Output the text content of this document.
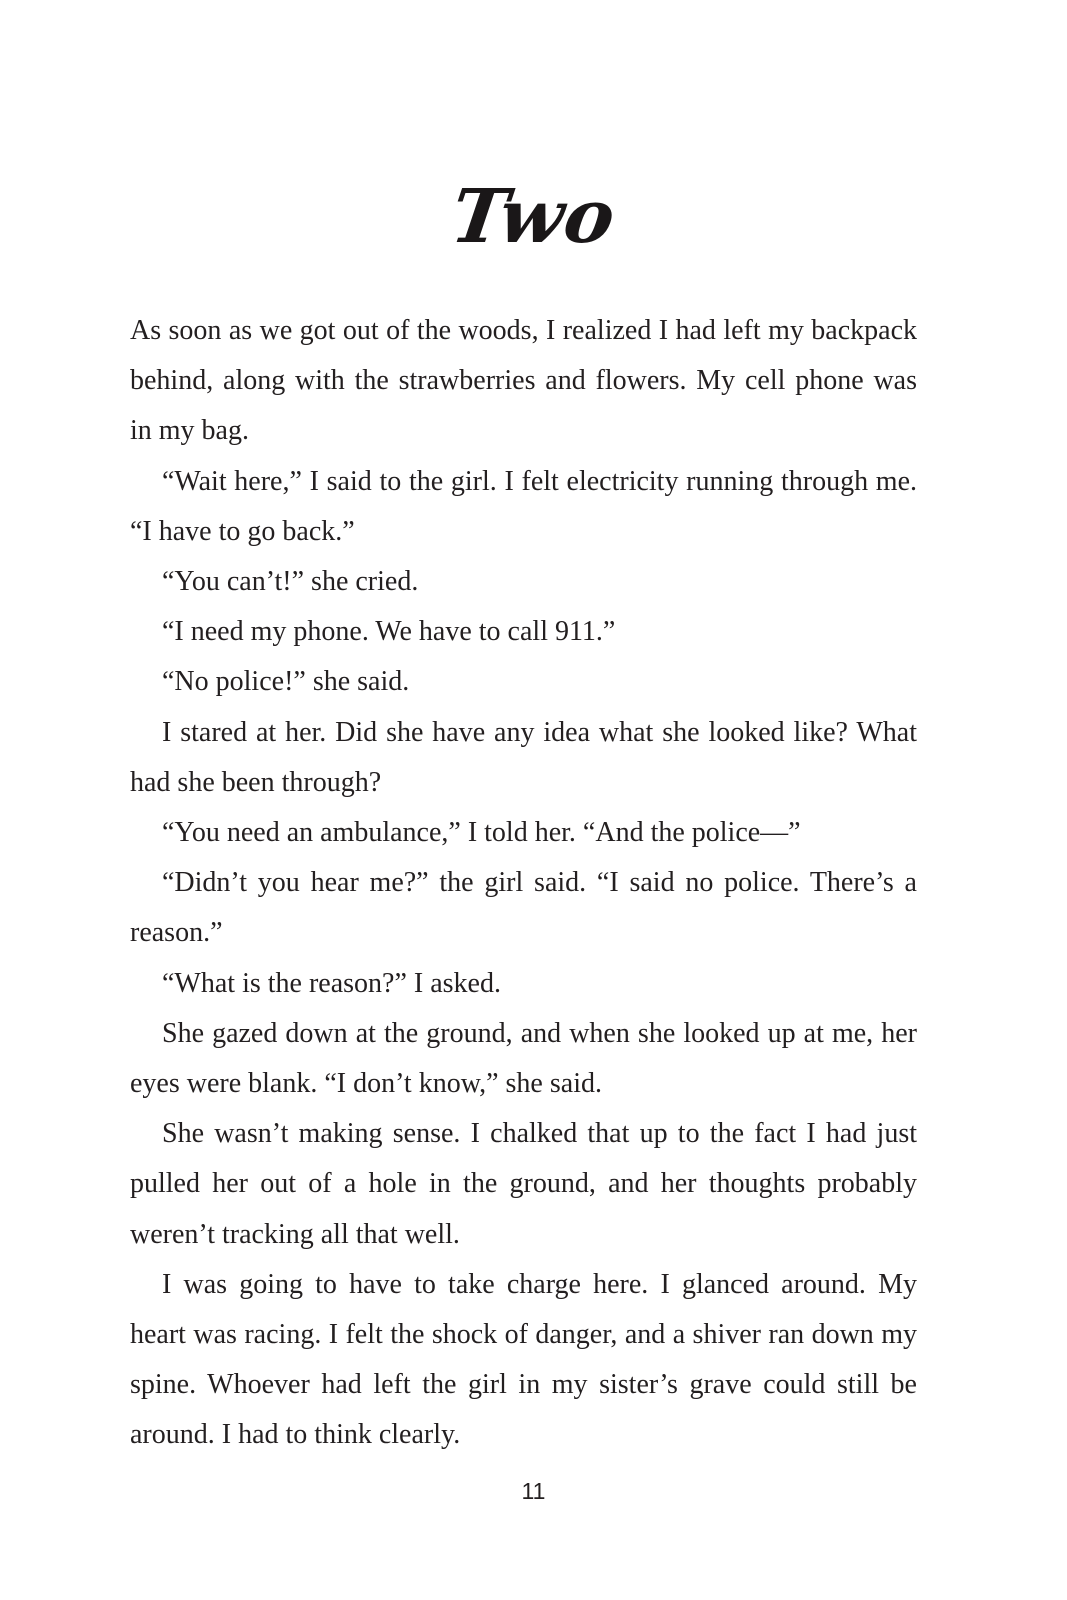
Two

As soon as we got out of the woods, I realized I had left my backpack behind, along with the strawberries and flowers. My cell phone was in my bag.

“Wait here,” I said to the girl. I felt electricity running through me. “I have to go back.”

“You can’t!” she cried.

“I need my phone. We have to call 911.”

“No police!” she said.

I stared at her. Did she have any idea what she looked like? What had she been through?

“You need an ambulance,” I told her. “And the police—”

“Didn’t you hear me?” the girl said. “I said no police. There’s a reason.”

“What is the reason?” I asked.

She gazed down at the ground, and when she looked up at me, her eyes were blank. “I don’t know,” she said.

She wasn’t making sense. I chalked that up to the fact I had just pulled her out of a hole in the ground, and her thoughts probably weren’t tracking all that well.

I was going to have to take charge here. I glanced around. My heart was racing. I felt the shock of danger, and a shiver ran down my spine. Whoever had left the girl in my sister’s grave could still be around. I had to think clearly.

11
